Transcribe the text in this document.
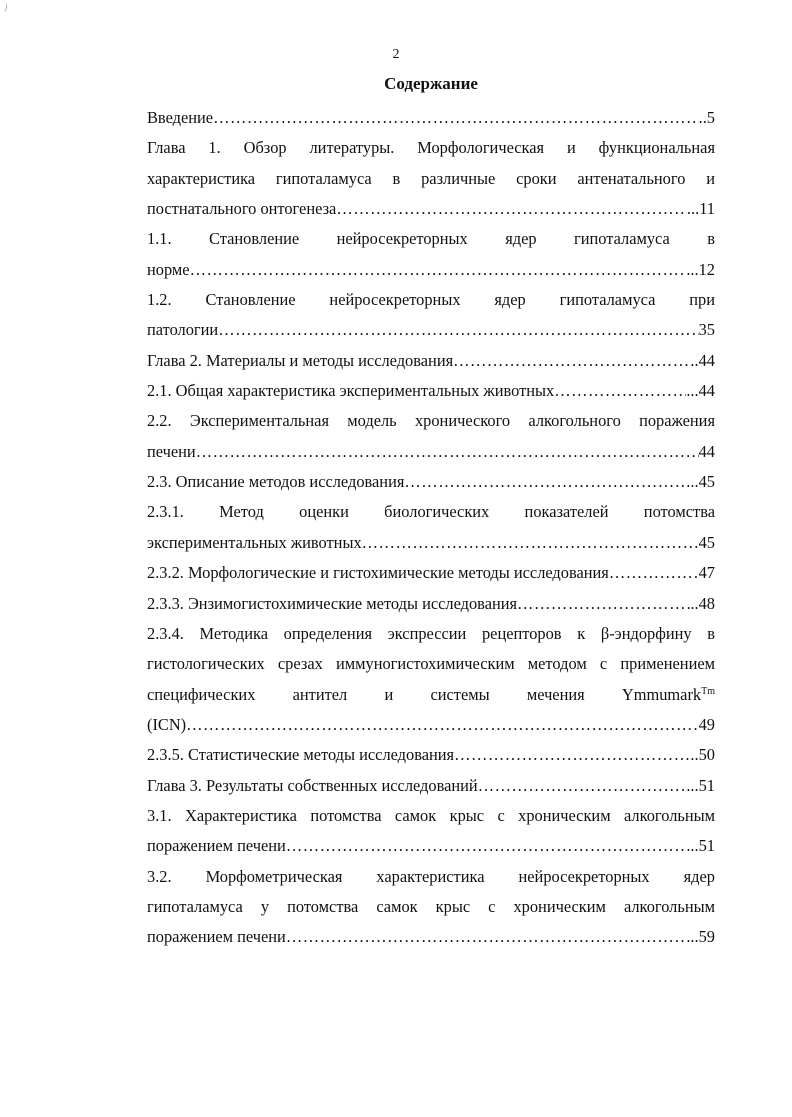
}
2
Содержание
Введение ……………………………………………………………………………………………………………………………………………	..5
Глава 1. Обзор литературы. Морфологическая и функциональная
характеристика гипоталамуса в различные сроки антенатального и
постнатального онтогенеза ……………………………………………………………………………………………………………………………………………	...11
1.1. Становление нейросекреторных ядер гипоталамуса в
норме ……………………………………………………………………………………………………………………………………………	...12
1.2. Становление нейросекреторных ядер гипоталамуса при
патологии ……………………………………………………………………………………………………………………………………………	35
Глава 2. Материалы и методы исследования ……………………………………………………………………………………………………………………………………………	..44
2.1. Общая характеристика экспериментальных животных ……………………………………………………………………………………………………………………………………………	...44
2.2. Экспериментальная модель хронического алкогольного поражения
печени ……………………………………………………………………………………………………………………………………………	44
2.3. Описание методов исследования ……………………………………………………………………………………………………………………………………………	..45
2.3.1. Метод оценки биологических показателей потомства
экспериментальных животных ……………………………………………………………………………………………………………………………………………	45
2.3.2. Морфологические и гистохимические методы исследования ……………………………………………………………………………………………………………………………………………	47
2.3.3. Энзимогистохимические методы исследования ……………………………………………………………………………………………………………………………………………	..48
2.3.4. Методика определения экспрессии рецепторов к β-эндорфину в
гистологических срезах иммуногистохимическим методом с применением
специфических антител и системы мечения Ymmumark$^{Tm}$
(ICN) ……………………………………………………………………………………………………………………………………………	49
2.3.5. Статистические методы исследования ……………………………………………………………………………………………………………………………………………	..50
Глава 3. Результаты собственных исследований ……………………………………………………………………………………………………………………………………………	...51
3.1. Характеристика потомства самок крыс с хроническим алкогольным
поражением печени ……………………………………………………………………………………………………………………………………………	...51
3.2. Морфометрическая характеристика нейросекреторных ядер
гипоталамуса у потомства самок крыс с хроническим алкогольным
поражением печени ……………………………………………………………………………………………………………………………………………	...59
